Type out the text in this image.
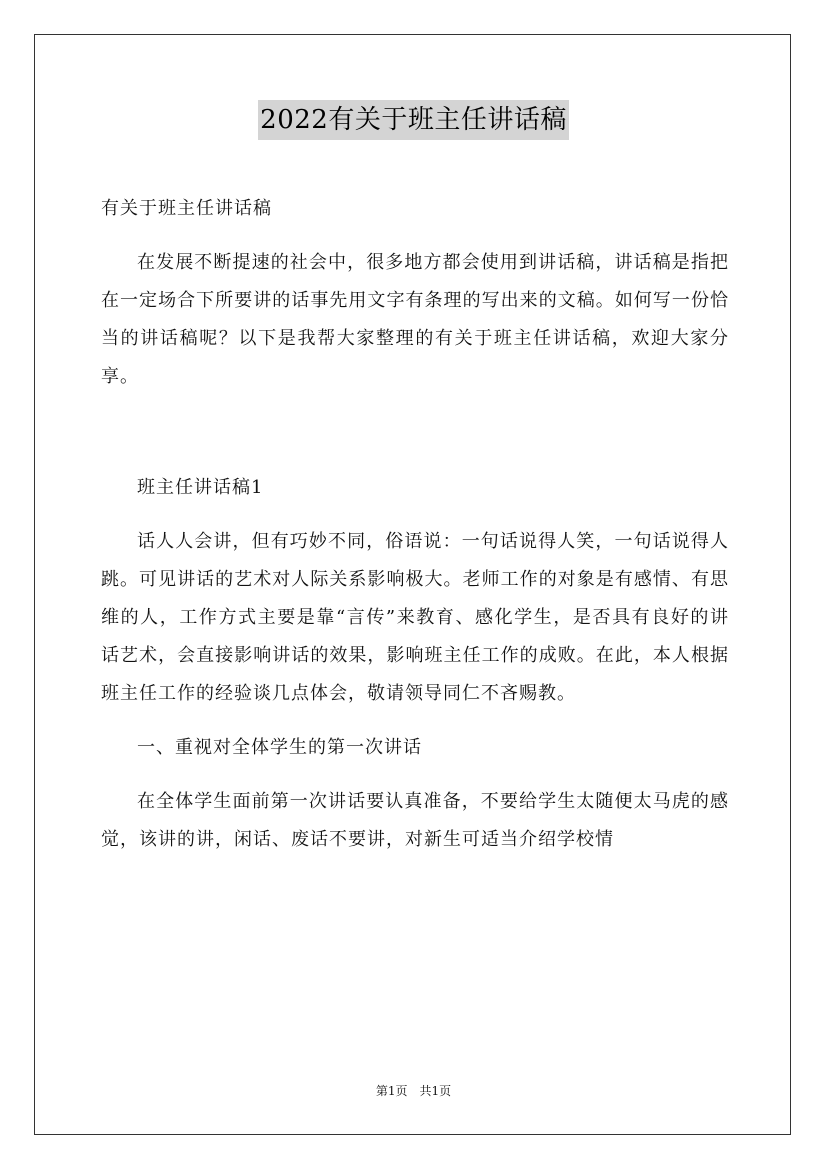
2022有关于班主任讲话稿

有关于班主任讲话稿

在发展不断提速的社会中，很多地方都会使用到讲话稿，讲话稿是指把在一定场合下所要讲的话事先用文字有条理的写出来的文稿。如何写一份恰当的讲话稿呢？以下是我帮大家整理的有关于班主任讲话稿，欢迎大家分享。

班主任讲话稿1

话人人会讲，但有巧妙不同，俗语说：一句话说得人笑，一句话说得人跳。可见讲话的艺术对人际关系影响极大。老师工作的对象是有感情、有思维的人，工作方式主要是靠“言传”来教育、感化学生，是否具有良好的讲话艺术，会直接影响讲话的效果，影响班主任工作的成败。在此，本人根据班主任工作的经验谈几点体会，敬请领导同仁不吝赐教。

一、重视对全体学生的第一次讲话

在全体学生面前第一次讲话要认真准备，不要给学生太随便太马虎的感觉，该讲的讲，闲话、废话不要讲，对新生可适当介绍学校情

第1页 共1页
